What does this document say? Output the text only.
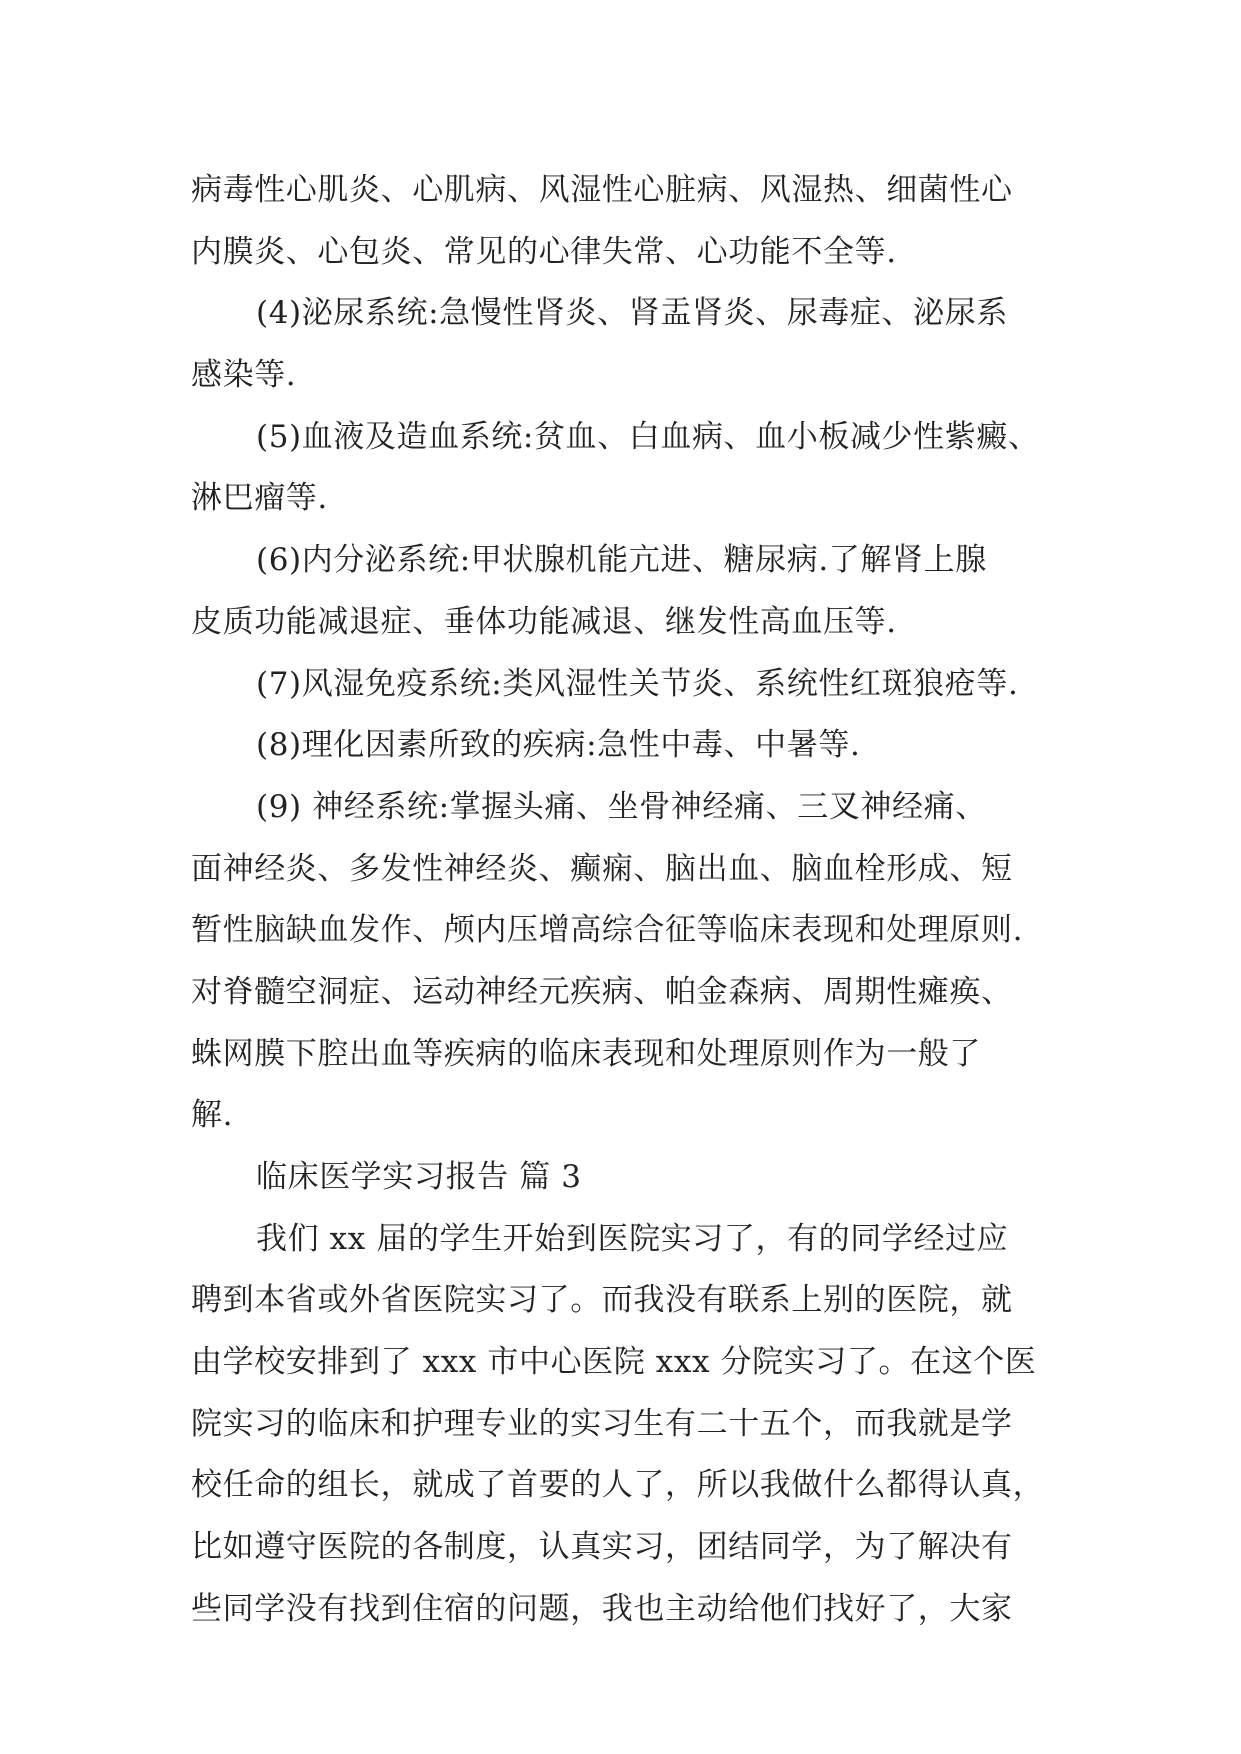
病毒性心肌炎、心肌病、风湿性心脏病、风湿热、细菌性心
内膜炎、心包炎、常见的心律失常、心功能不全等.
(4)泌尿系统:急慢性肾炎、肾盂肾炎、尿毒症、泌尿系
感染等.
(5)血液及造血系统:贫血、白血病、血小板减少性紫癜、
淋巴瘤等.
(6)内分泌系统:甲状腺机能亢进、糖尿病.了解肾上腺
皮质功能减退症、垂体功能减退、继发性高血压等.
(7)风湿免疫系统:类风湿性关节炎、系统性红斑狼疮等.
(8)理化因素所致的疾病:急性中毒、中暑等.
(9) 神经系统:掌握头痛、坐骨神经痛、三叉神经痛、
面神经炎、多发性神经炎、癫痫、脑出血、脑血栓形成、短
暂性脑缺血发作、颅内压增高综合征等临床表现和处理原则.
对脊髓空洞症、运动神经元疾病、帕金森病、周期性瘫痪、
蛛网膜下腔出血等疾病的临床表现和处理原则作为一般了
解.
临床医学实习报告 篇 3
我们 xx 届的学生开始到医院实习了，有的同学经过应
聘到本省或外省医院实习了。而我没有联系上别的医院，就
由学校安排到了 xxx 市中心医院 xxx 分院实习了。在这个医
院实习的临床和护理专业的实习生有二十五个，而我就是学
校任命的组长，就成了首要的人了，所以我做什么都得认真，
比如遵守医院的各制度，认真实习，团结同学，为了解决有
些同学没有找到住宿的问题，我也主动给他们找好了，大家
